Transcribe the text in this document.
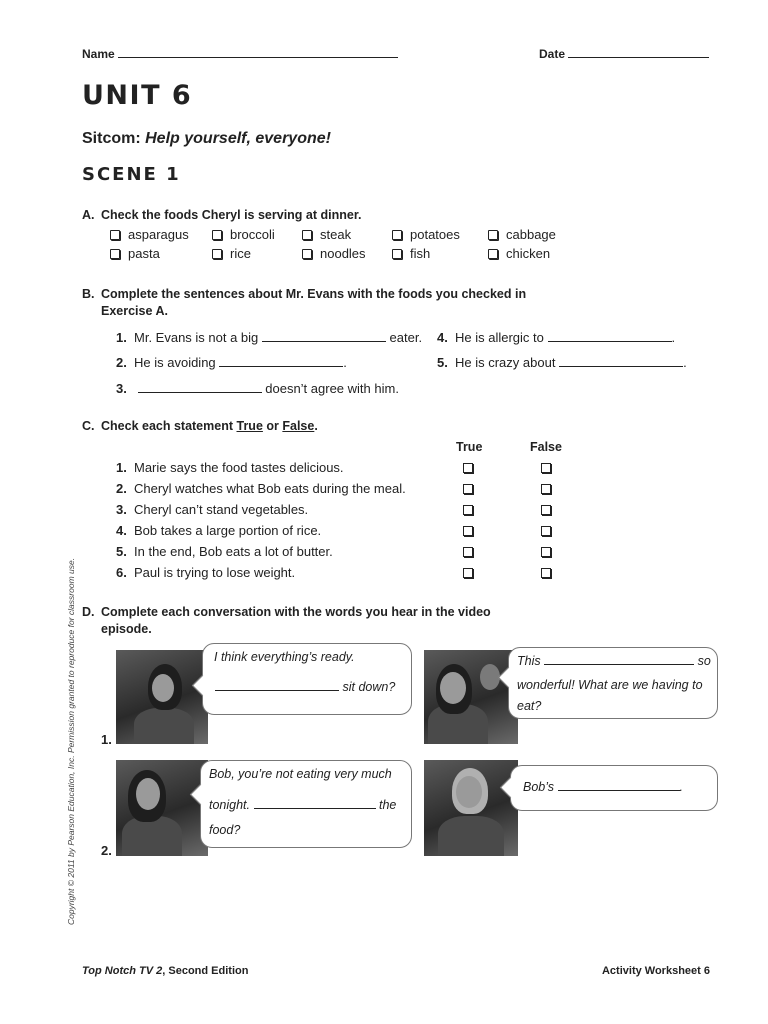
Name	Date
UNIT 6
Sitcom: Help yourself, everyone!
SCENE 1
A. Check the foods Cheryl is serving at dinner.
asparagus	broccoli	steak	potatoes	cabbage
pasta	rice	noodles	fish	chicken
B. Complete the sentences about Mr. Evans with the foods you checked in
Exercise A.
1. Mr. Evans is not a big	eater.
2. He is avoiding	.
3.	doesn’t agree with him.
4. He is allergic to	.
5. He is crazy about	.
C. Check each statement True or False.
True	False
1. Marie says the food tastes delicious.
2. Cheryl watches what Bob eats during the meal.
3. Cheryl can’t stand vegetables.
4. Bob takes a large portion of rice.
5. In the end, Bob eats a lot of butter.
6. Paul is trying to lose weight.
D. Complete each conversation with the words you hear in the video
episode.
1.
I think everything’s ready.
sit down?
This	so
wonderful! What are we having to
eat?
2.
Bob, you’re not eating very much
tonight.	the
food?
Bob’s	.
Copyright © 2011 by Pearson Education, Inc. Permission granted to reproduce for classroom use.
Top Notch TV 2, Second Edition	Activity Worksheet 6
